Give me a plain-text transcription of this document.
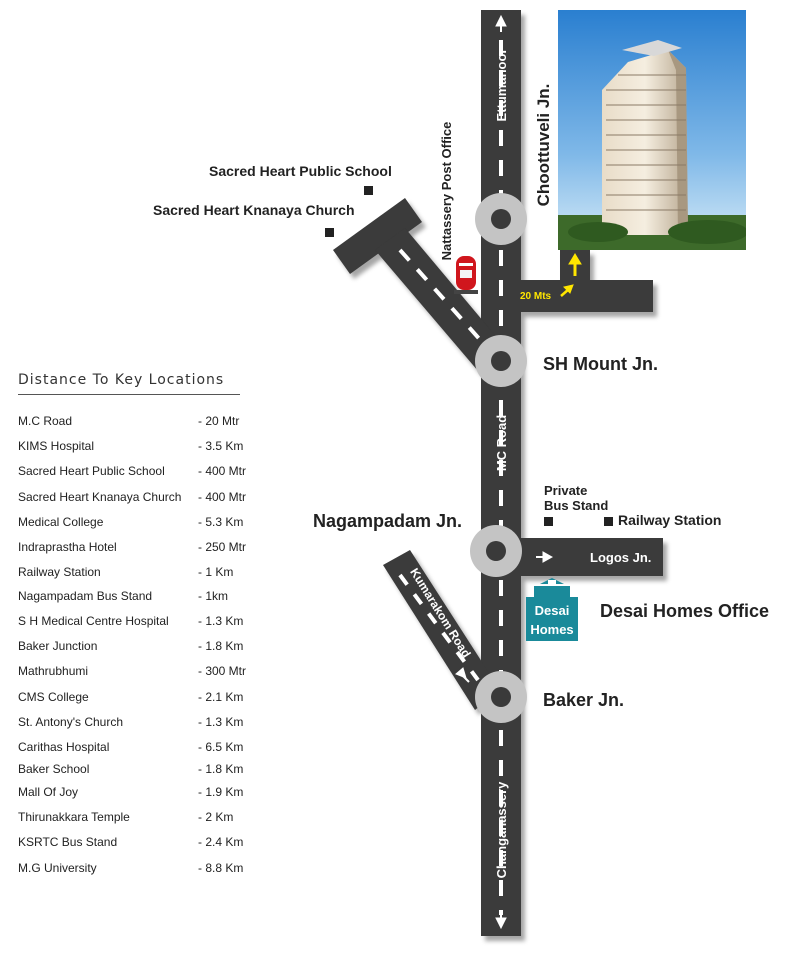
Ettumanoor
MC Road
Changanassery
Kumarakom Road
Logos Jn.
20 Mts
Choottuveli Jn.
SH Mount Jn.
Nagampadam Jn.
Baker Jn.
Sacred Heart Public School
Sacred Heart Knanaya Church	Nattassery Post Office
Private
Bus Stand
Railway Station
Desai
Homes
Desai Homes Office
Distance To Key Locations
M.C Road	- 20 Mtr
KIMS Hospital	- 3.5 Km
Sacred Heart Public School	- 400 Mtr
Sacred Heart Knanaya Church - 400 Mtr
Medical College	- 5.3 Km
Indraprastha Hotel	- 250 Mtr
Railway Station	- 1 Km
Nagampadam Bus Stand	- 1km
S H Medical Centre Hospital - 1.3 Km
Baker Junction	- 1.8 Km
Mathrubhumi	- 300 Mtr
CMS College	- 2.1 Km
St. Antony's Church	- 1.3 Km
Carithas Hospital	- 6.5 Km
Baker School	- 1.8 Km
Mall Of Joy	- 1.9 Km
Thirunakkara Temple	- 2 Km
KSRTC Bus Stand	- 2.4 Km
M.G University	- 8.8 Km
